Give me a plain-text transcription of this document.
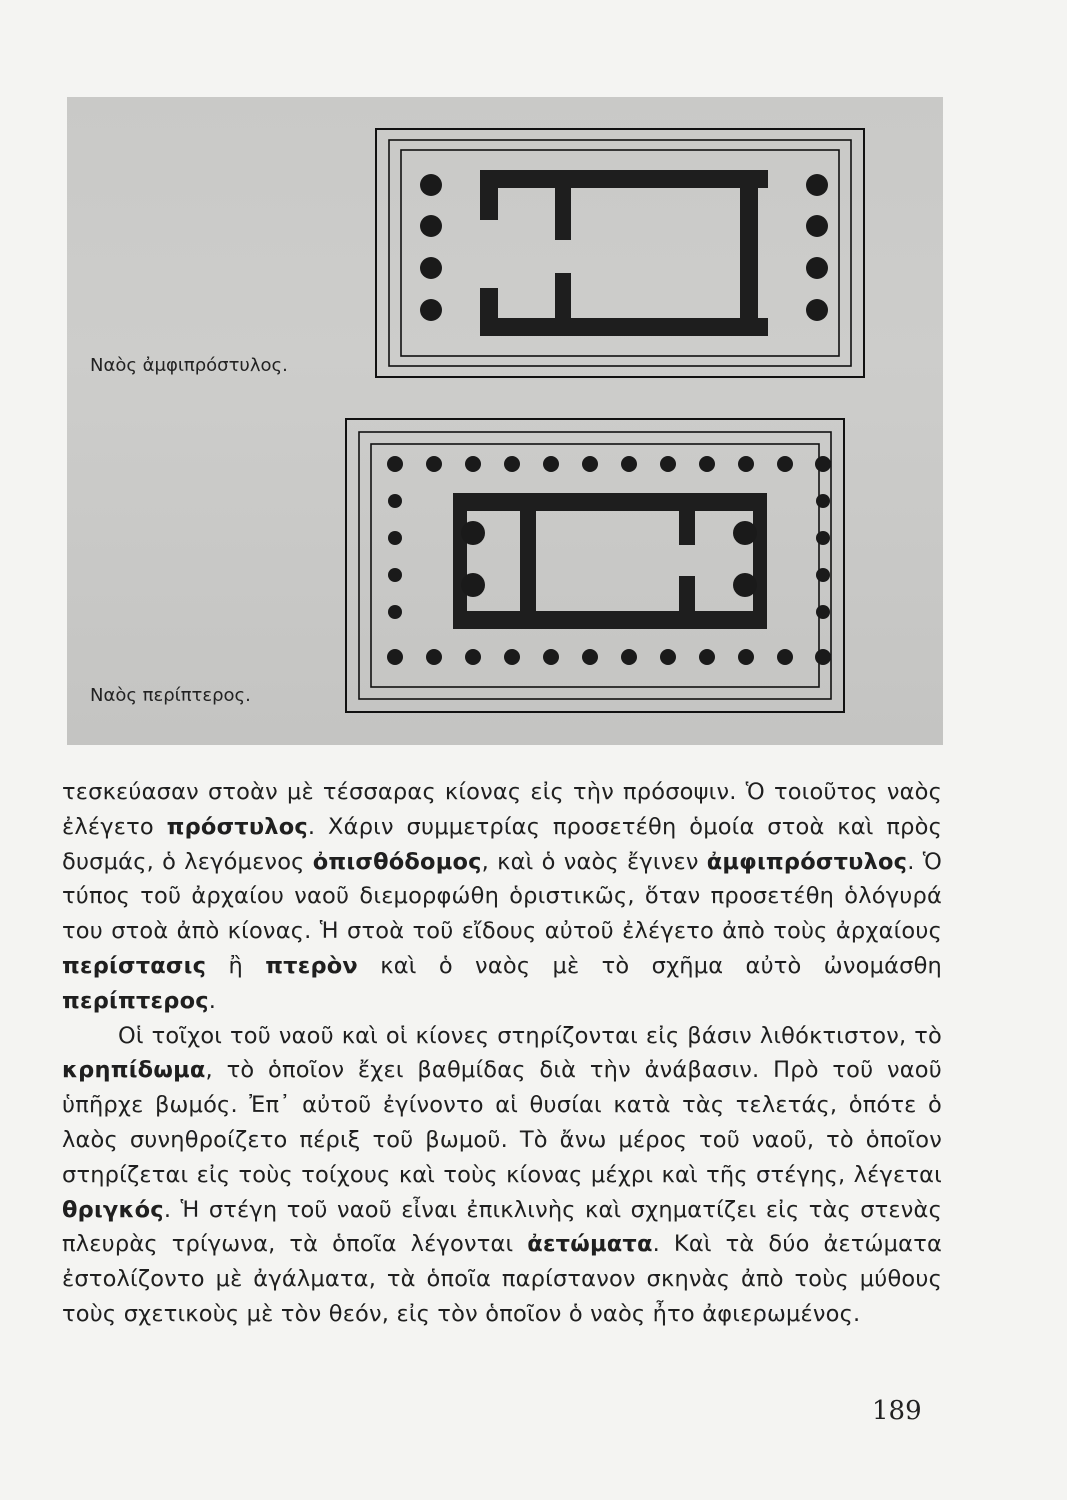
Ναὸς ἀμφιπρόστυλος.
Ναὸς περίπτερος.

τεσκεύασαν στοὰν μὲ τέσσαρας κίονας εἰς τὴν πρόσοψιν. Ὁ τοιοῦτος ναὸς ἐλέγετο πρόστυλος. Χάριν συμμετρίας προσετέθη ὁμοία στοὰ καὶ πρὸς δυσμάς, ὁ λεγόμενος ὀπισθόδομος, καὶ ὁ ναὸς ἔγινεν ἀμφιπρόστυλος. Ὁ τύπος τοῦ ἀρχαίου ναοῦ διεμορφώθη ὁριστικῶς, ὅταν προσετέθη ὁλόγυρά του στοὰ ἀπὸ κίονας. Ἡ στοὰ τοῦ εἴδους αὐτοῦ ἐλέγετο ἀπὸ τοὺς ἀρχαίους περίστασις ἢ πτερὸν καὶ ὁ ναὸς μὲ τὸ σχῆμα αὐτὸ ὠνομάσθη περίπτερος.

Οἱ τοῖχοι τοῦ ναοῦ καὶ οἱ κίονες στηρίζονται εἰς βάσιν λιθόκτιστον, τὸ κρηπίδωμα, τὸ ὁποῖον ἔχει βαθμίδας διὰ τὴν ἀνάβασιν. Πρὸ τοῦ ναοῦ ὑπῆρχε βωμός. Ἐπ᾿ αὐτοῦ ἐγίνοντο αἱ θυσίαι κατὰ τὰς τελετάς, ὁπότε ὁ λαὸς συνηθροίζετο πέριξ τοῦ βωμοῦ. Τὸ ἄνω μέρος τοῦ ναοῦ, τὸ ὁποῖον στηρίζεται εἰς τοὺς τοίχους καὶ τοὺς κίονας μέχρι καὶ τῆς στέγης, λέγεται θριγκός. Ἡ στέγη τοῦ ναοῦ εἶναι ἐπικλινὴς καὶ σχηματίζει εἰς τὰς στενὰς πλευρὰς τρίγωνα, τὰ ὁποῖα λέγονται ἀετώματα. Καὶ τὰ δύο ἀετώματα ἐστολίζοντο μὲ ἀγάλματα, τὰ ὁποῖα παρίστανον σκηνὰς ἀπὸ τοὺς μύθους τοὺς σχετικοὺς μὲ τὸν θεόν, εἰς τὸν ὁποῖον ὁ ναὸς ἦτο ἀφιερωμένος.

189
